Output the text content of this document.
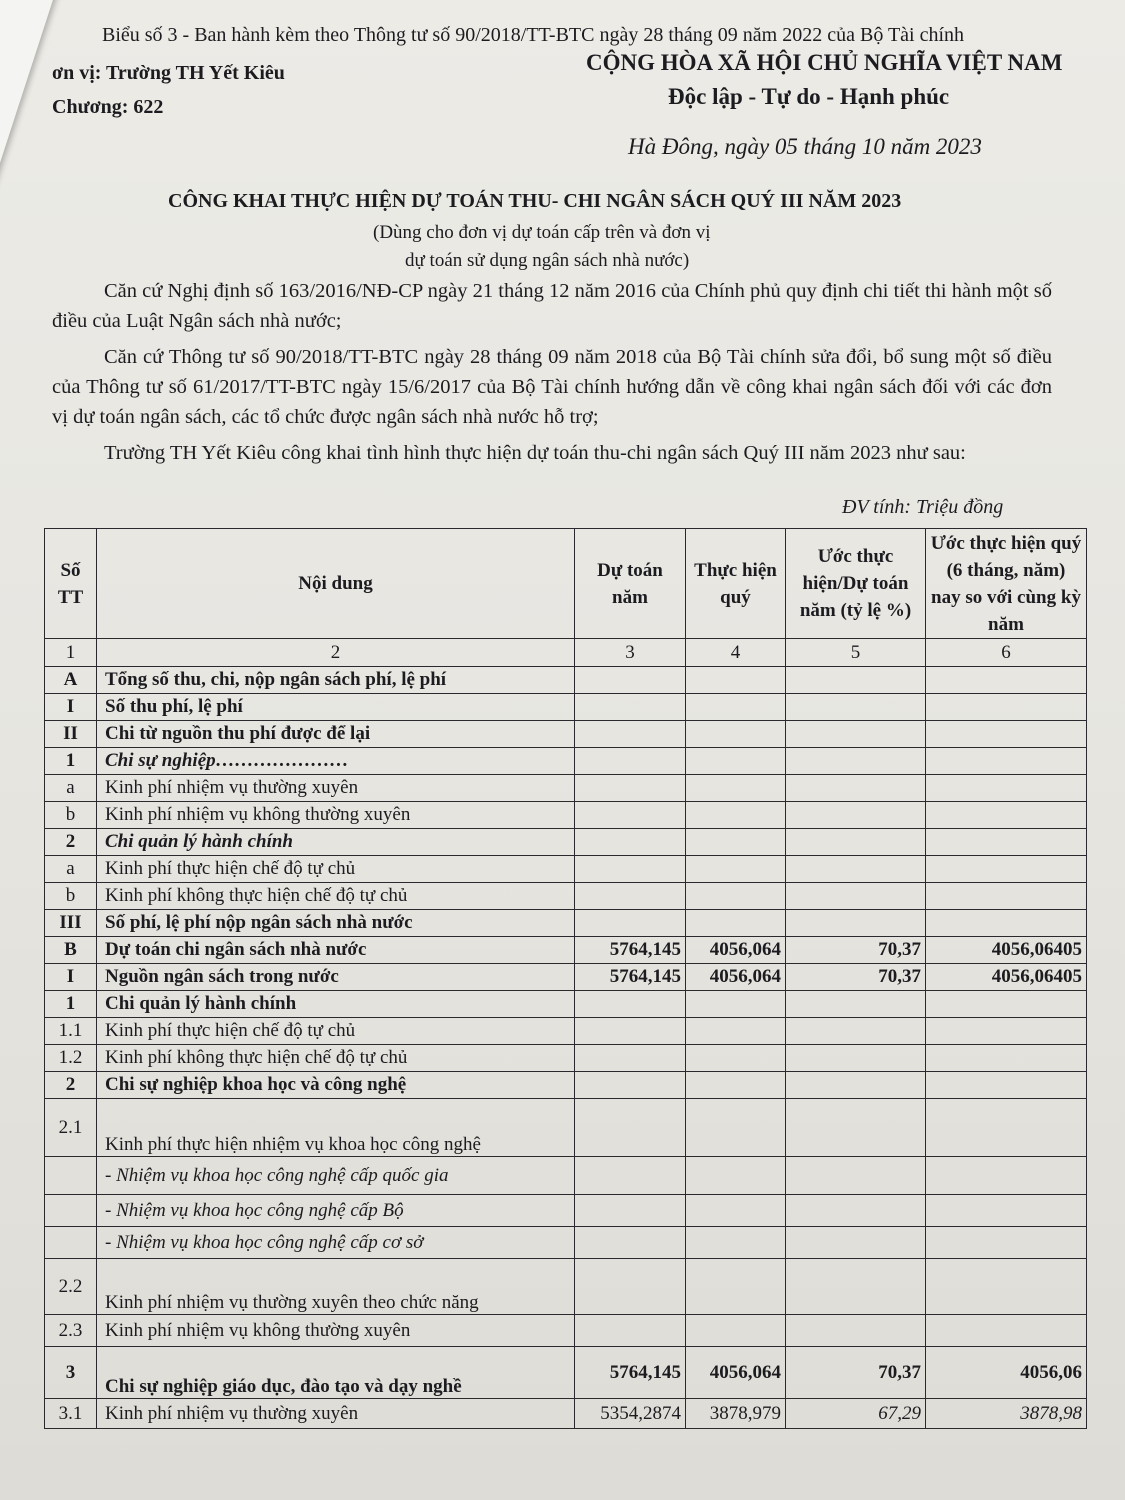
Biểu số 3 - Ban hành kèm theo Thông tư số 90/2018/TT-BTC ngày 28 tháng 09 năm 2022 của Bộ Tài chính
ơn vị: Trường TH Yết Kiêu
Chương: 622
CỘNG HÒA XÃ HỘI CHỦ NGHĨA VIỆT NAM
Độc lập - Tự do - Hạnh phúc
Hà Đông, ngày 05 tháng 10 năm 2023
CÔNG KHAI THỰC HIỆN DỰ TOÁN THU- CHI NGÂN SÁCH QUÝ III NĂM 2023
(Dùng cho đơn vị dự toán cấp trên và đơn vị
dự toán sử dụng ngân sách nhà nước)
Căn cứ Nghị định số 163/2016/NĐ-CP ngày 21 tháng 12 năm 2016 của Chính phủ quy định chi tiết thi hành một số điều của Luật Ngân sách nhà nước;
Căn cứ Thông tư số 90/2018/TT-BTC ngày 28 tháng 09 năm 2018 của Bộ Tài chính sửa đổi, bổ sung một số điều của Thông tư số 61/2017/TT-BTC ngày 15/6/2017 của Bộ Tài chính hướng dẫn về công khai ngân sách đối với các đơn vị dự toán ngân sách, các tổ chức được ngân sách nhà nước hỗ trợ;
Trường TH Yết Kiêu công khai tình hình thực hiện dự toán thu-chi ngân sách Quý III năm 2023 như sau:
ĐV tính: Triệu đồng
Số TT	Nội dung	Dự toán năm	Thực hiện quý	Ước thực hiện/Dự toán năm (tỷ lệ %)	Ước thực hiện quý (6 tháng, năm) nay so với cùng kỳ năm
1	2	3	4	5	6
A	Tổng số thu, chi, nộp ngân sách phí, lệ phí				
I	Số thu phí, lệ phí				
II	Chi từ nguồn thu phí được để lại				
1	Chi sự nghiệp…………………				
a	Kinh phí nhiệm vụ thường xuyên				
b	Kinh phí nhiệm vụ không thường xuyên				
2	Chi quản lý hành chính				
a	Kinh phí thực hiện chế độ tự chủ				
b	Kinh phí không thực hiện chế độ tự chủ				
III	Số phí, lệ phí nộp ngân sách nhà nước				
B	Dự toán chi ngân sách nhà nước	5764,145	4056,064	70,37	4056,06405
I	Nguồn ngân sách trong nước	5764,145	4056,064	70,37	4056,06405
1	Chi quản lý hành chính				
1.1	Kinh phí thực hiện chế độ tự chủ				
1.2	Kinh phí không thực hiện chế độ tự chủ				
2	Chi sự nghiệp khoa học và công nghệ				
2.1	Kinh phí thực hiện nhiệm vụ khoa học công nghệ				
	- Nhiệm vụ khoa học công nghệ cấp quốc gia				
	- Nhiệm vụ khoa học công nghệ cấp Bộ				
	- Nhiệm vụ khoa học công nghệ cấp cơ sở				
2.2	Kinh phí nhiệm vụ thường xuyên theo chức năng				
2.3	Kinh phí nhiệm vụ không thường xuyên				
3	Chi sự nghiệp giáo dục, đào tạo và dạy nghề	5764,145	4056,064	70,37	4056,06
3.1	Kinh phí nhiệm vụ thường xuyên	5354,2874	3878,979	67,29	3878,98
